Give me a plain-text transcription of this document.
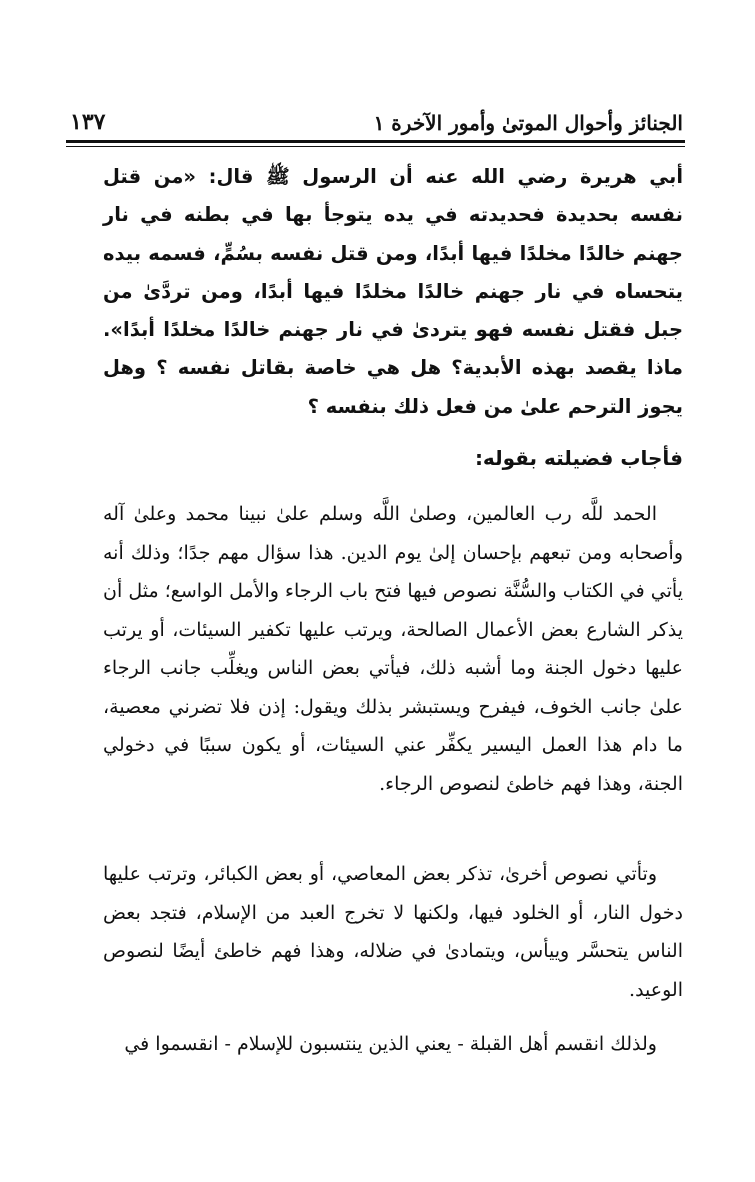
الجنائز وأحوال الموتىٰ وأمور الآخرة ١
١٣٧
أبي هريرة رضي الله عنه أن الرسول ﷺ قال: «من قتل نفسه بحديدة فحديدته في يده يتوجأ بها في بطنه في نار جهنم خالدًا مخلدًا فيها أبدًا، ومن قتل نفسه بسُمٍّ، فسمه بيده يتحساه في نار جهنم خالدًا مخلدًا فيها أبدًا، ومن تردَّىٰ من جبل فقتل نفسه فهو يتردىٰ في نار جهنم خالدًا مخلدًا أبدًا». ماذا يقصد بهذه الأبدية؟ هل هي خاصة بقاتل نفسه ؟ وهل يجوز الترحم علىٰ من فعل ذلك بنفسه ؟
فأجاب فضيلته بقوله:

الحمد للَّه رب العالمين، وصلىٰ اللَّه وسلم علىٰ نبينا محمد وعلىٰ آله وأصحابه ومن تبعهم بإحسان إلىٰ يوم الدين. هذا سؤال مهم جدًا؛ وذلك أنه يأتي في الكتاب والسُّنَّة نصوص فيها فتح باب الرجاء والأمل الواسع؛ مثل أن يذكر الشارع بعض الأعمال الصالحة، ويرتب عليها تكفير السيئات، أو يرتب عليها دخول الجنة وما أشبه ذلك، فيأتي بعض الناس ويغلِّب جانب الرجاء علىٰ جانب الخوف، فيفرح ويستبشر بذلك ويقول: إذن فلا تضرني معصية، ما دام هذا العمل اليسير يكفِّر عني السيئات، أو يكون سببًا في دخولي الجنة، وهذا فهم خاطئ لنصوص الرجاء.

وتأتي نصوص أخرىٰ، تذكر بعض المعاصي، أو بعض الكبائر، وترتب عليها دخول النار، أو الخلود فيها، ولكنها لا تخرج العبد من الإسلام، فتجد بعض الناس يتحسَّر وييأس، ويتمادىٰ في ضلاله، وهذا فهم خاطئ أيضًا لنصوص الوعيد.

ولذلك انقسم أهل القبلة - يعني الذين ينتسبون للإسلام - انقسموا في
